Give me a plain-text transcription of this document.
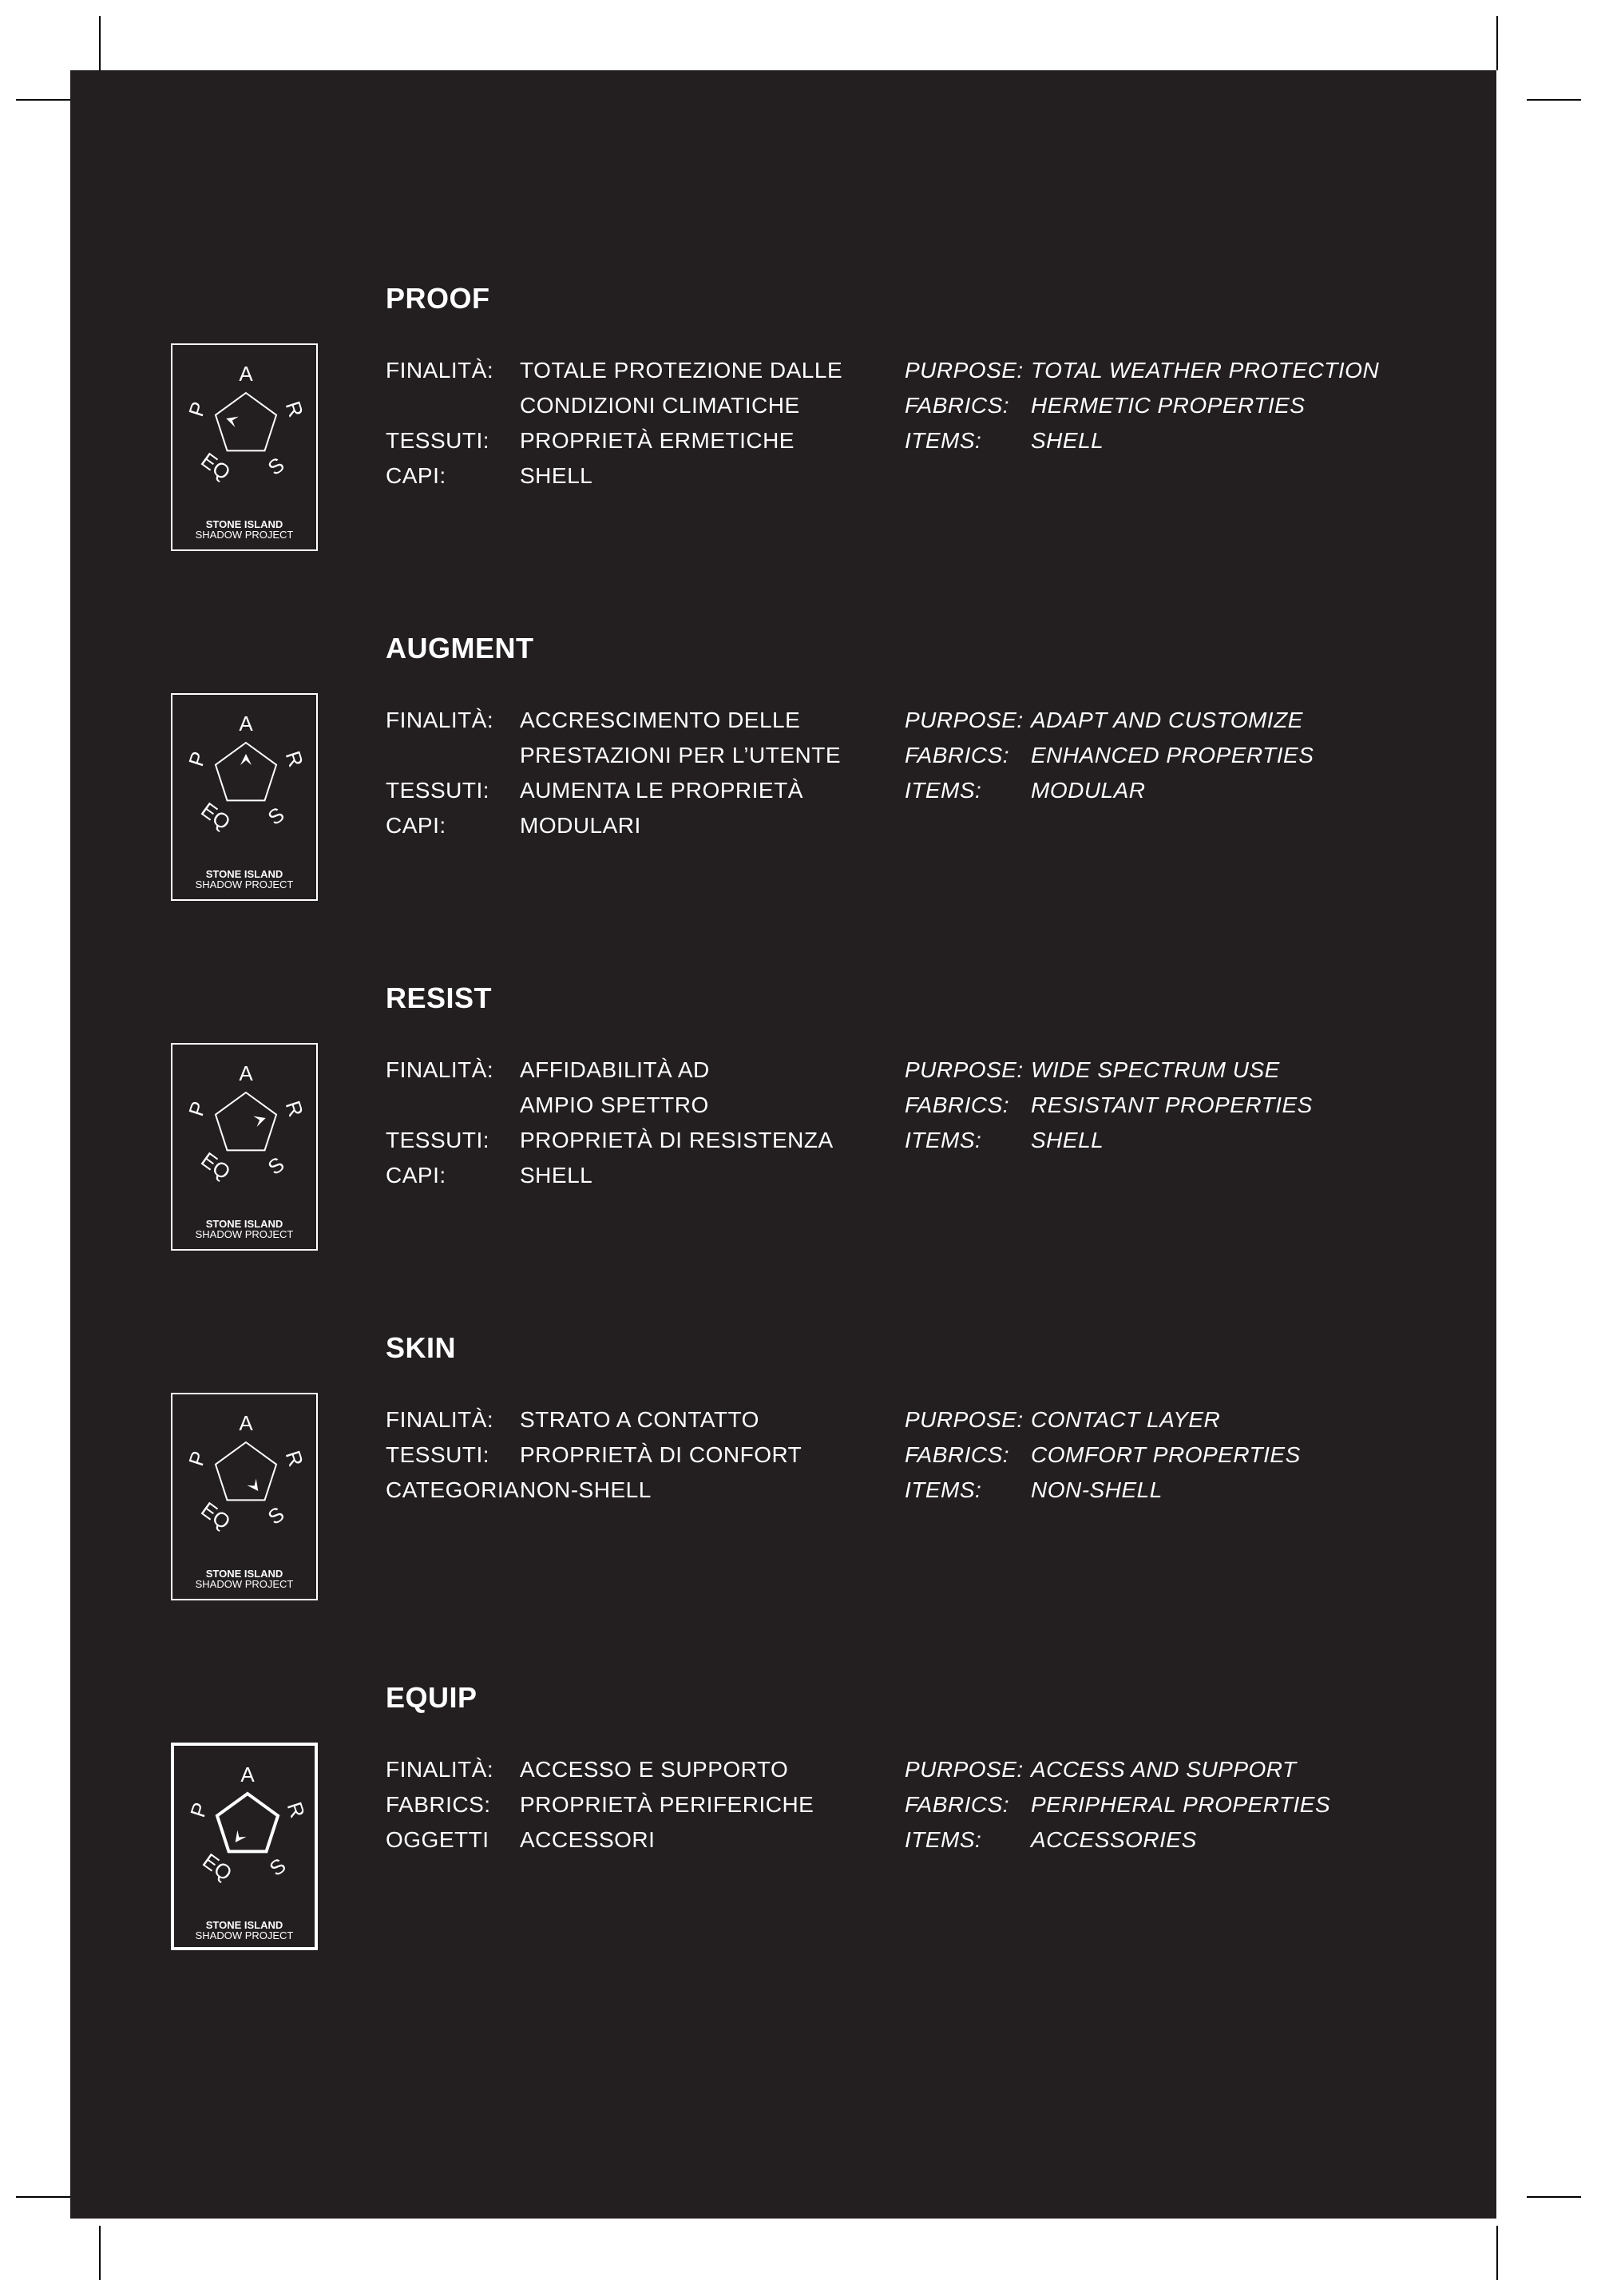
PROOF
A
R
S
EQ
P
STONE ISLAND
SHADOW PROJECT
FINALITÀ:	TOTALE PROTEZIONE DALLE
CONDIZIONI CLIMATICHE
TESSUTI:	PROPRIETÀ ERMETICHE
CAPI:	SHELL
PURPOSE: TOTAL WEATHER PROTECTION
FABRICS: HERMETIC PROPERTIES
ITEMS:	SHELL
AUGMENT
A
R
S
EQ
P
STONE ISLAND
SHADOW PROJECT
FINALITÀ:	ACCRESCIMENTO DELLE
PRESTAZIONI PER L’UTENTE
TESSUTI:	AUMENTA LE PROPRIETÀ
CAPI:	MODULARI
PURPOSE: ADAPT AND CUSTOMIZE
FABRICS: ENHANCED PROPERTIES
ITEMS:	MODULAR
RESIST
A
R
S
EQ
P
STONE ISLAND
SHADOW PROJECT
FINALITÀ:	AFFIDABILITÀ AD
AMPIO SPETTRO
TESSUTI:	PROPRIETÀ DI RESISTENZA
CAPI:	SHELL
PURPOSE: WIDE SPECTRUM USE
FABRICS: RESISTANT PROPERTIES
ITEMS:	SHELL
SKIN
A
R
S
EQ
P
STONE ISLAND
SHADOW PROJECT
FINALITÀ:	STRATO A CONTATTO
TESSUTI:	PROPRIETÀ DI CONFORT
CATEGORIA:
NON-SHELL
PURPOSE: CONTACT LAYER
FABRICS: COMFORT PROPERTIES
ITEMS:	NON-SHELL
EQUIP
A
R
S
EQ
P
STONE ISLAND
SHADOW PROJECT
FINALITÀ:	ACCESSO E SUPPORTO
FABRICS:	PROPRIETÀ PERIFERICHE
OGGETTI	ACCESSORI
PURPOSE: ACCESS AND SUPPORT
FABRICS: PERIPHERAL PROPERTIES
ITEMS:	ACCESSORIES
